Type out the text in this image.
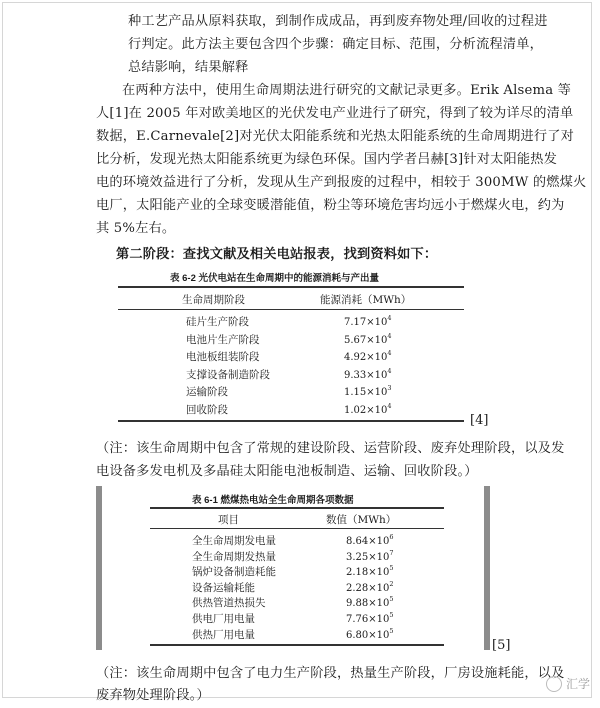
种工艺产品从原料获取，到制作成成品，再到废弃物处理/回收的过程进
行判定。此方法主要包含四个步骤：确定目标、范围，分析流程清单，
总结影响，结果解释
在两种方法中，使用生命周期法进行研究的文献记录更多。Erik Alsema 等
人[1]在 2005 年对欧美地区的光伏发电产业进行了研究，得到了较为详尽的清单
数据，E.Carnevale[2]对光伏太阳能系统和光热太阳能系统的生命周期进行了对
比分析，发现光热太阳能系统更为绿色环保。国内学者吕赫[3]针对太阳能热发
电的环境效益进行了分析，发现从生产到报废的过程中，相较于 300MW 的燃煤火
电厂，太阳能产业的全球变暖潜能值，粉尘等环境危害均远小于燃煤火电，约为
其 5%左右。
第二阶段：查找文献及相关电站报表，找到资料如下：
表 6-2 光伏电站在生命周期中的能源消耗与产出量
生命周期阶段	能源消耗（MWh）
硅片生产阶段	$7.17\times 10^4$
电池片生产阶段	$5.67\times 10^4$
电池板组装阶段	$4.92\times 10^4$
支撑设备制造阶段	$9.33\times 10^4$
运输阶段	$1.15\times 10^3$
回收阶段	$1.02\times 10^4$
[4]
（注：该生命周期中包含了常规的建设阶段、运营阶段、废弃处理阶段，以及发
电设备多发电机及多晶硅太阳能电池板制造、运输、回收阶段。）
表 6-1 燃煤热电站全生命周期各项数据
项目	数值（MWh）
全生命周期发电量	$8.64\times 10^6$
全生命周期发热量	$3.25\times 10^7$
锅炉设备制造耗能	$2.18\times 10^5$
设备运输耗能	$2.28\times 10^2$
供热管道热损失	$9.88\times 10^5$
供电厂用电量	$7.76\times 10^5$
供热厂用电量	$6.80\times 10^5$
[5]
（注：该生命周期中包含了电力生产阶段，热量生产阶段，厂房设施耗能，以及
废弃物处理阶段。）
汇学
